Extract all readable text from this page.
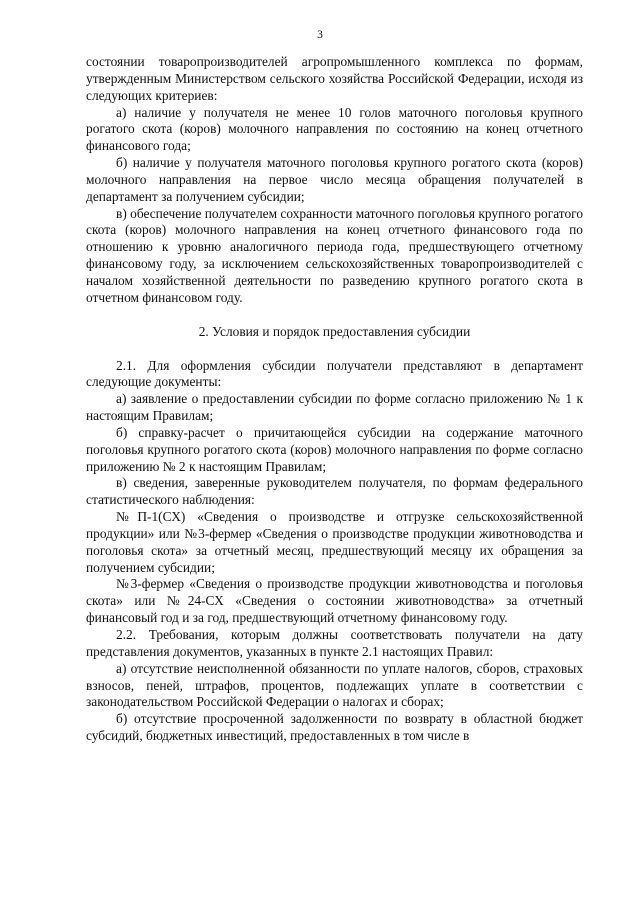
3

состоянии товаропроизводителей агропромышленного комплекса по формам, утвержденным Министерством сельского хозяйства Российской Федерации, исходя из следующих критериев:

а) наличие у получателя не менее 10 голов маточного поголовья крупного рогатого скота (коров) молочного направления по состоянию на конец отчетного финансового года;

б) наличие у получателя маточного поголовья крупного рогатого скота (коров) молочного направления на первое число месяца обращения получателей в департамент за получением субсидии;

в) обеспечение получателем сохранности маточного поголовья крупного рогатого скота (коров) молочного направления на конец отчетного финансового года по отношению к уровню аналогичного периода года, предшествующего отчетному финансовому году, за исключением сельскохозяйственных товаропроизводителей с началом хозяйственной деятельности по разведению крупного рогатого скота в отчетном финансовом году.

2. Условия и порядок предоставления субсидии

2.1. Для оформления субсидии получатели представляют в департамент следующие документы:

а) заявление о предоставлении субсидии по форме согласно приложению № 1 к настоящим Правилам;

б) справку-расчет о причитающейся субсидии на содержание маточного поголовья крупного рогатого скота (коров) молочного направления по форме согласно приложению № 2 к настоящим Правилам;

в) сведения, заверенные руководителем получателя, по формам федерального статистического наблюдения:

№П-1(СХ) «Сведения о производстве и отгрузке сельскохозяйственной продукции» или №3-фермер «Сведения о производстве продукции животноводства и поголовья скота» за отчетный месяц, предшествующий месяцу их обращения за получением субсидии;

№3-фермер «Сведения о производстве продукции животноводства и поголовья скота» или №24-СХ «Сведения о состоянии животноводства» за отчетный финансовый год и за год, предшествующий отчетному финансовому году.

2.2. Требования, которым должны соответствовать получатели на дату представления документов, указанных в пункте 2.1 настоящих Правил:

а) отсутствие неисполненной обязанности по уплате налогов, сборов, страховых взносов, пеней, штрафов, процентов, подлежащих уплате в соответствии с законодательством Российской Федерации о налогах и сборах;

б) отсутствие просроченной задолженности по возврату в областной бюджет субсидий, бюджетных инвестиций, предоставленных в том числе в
